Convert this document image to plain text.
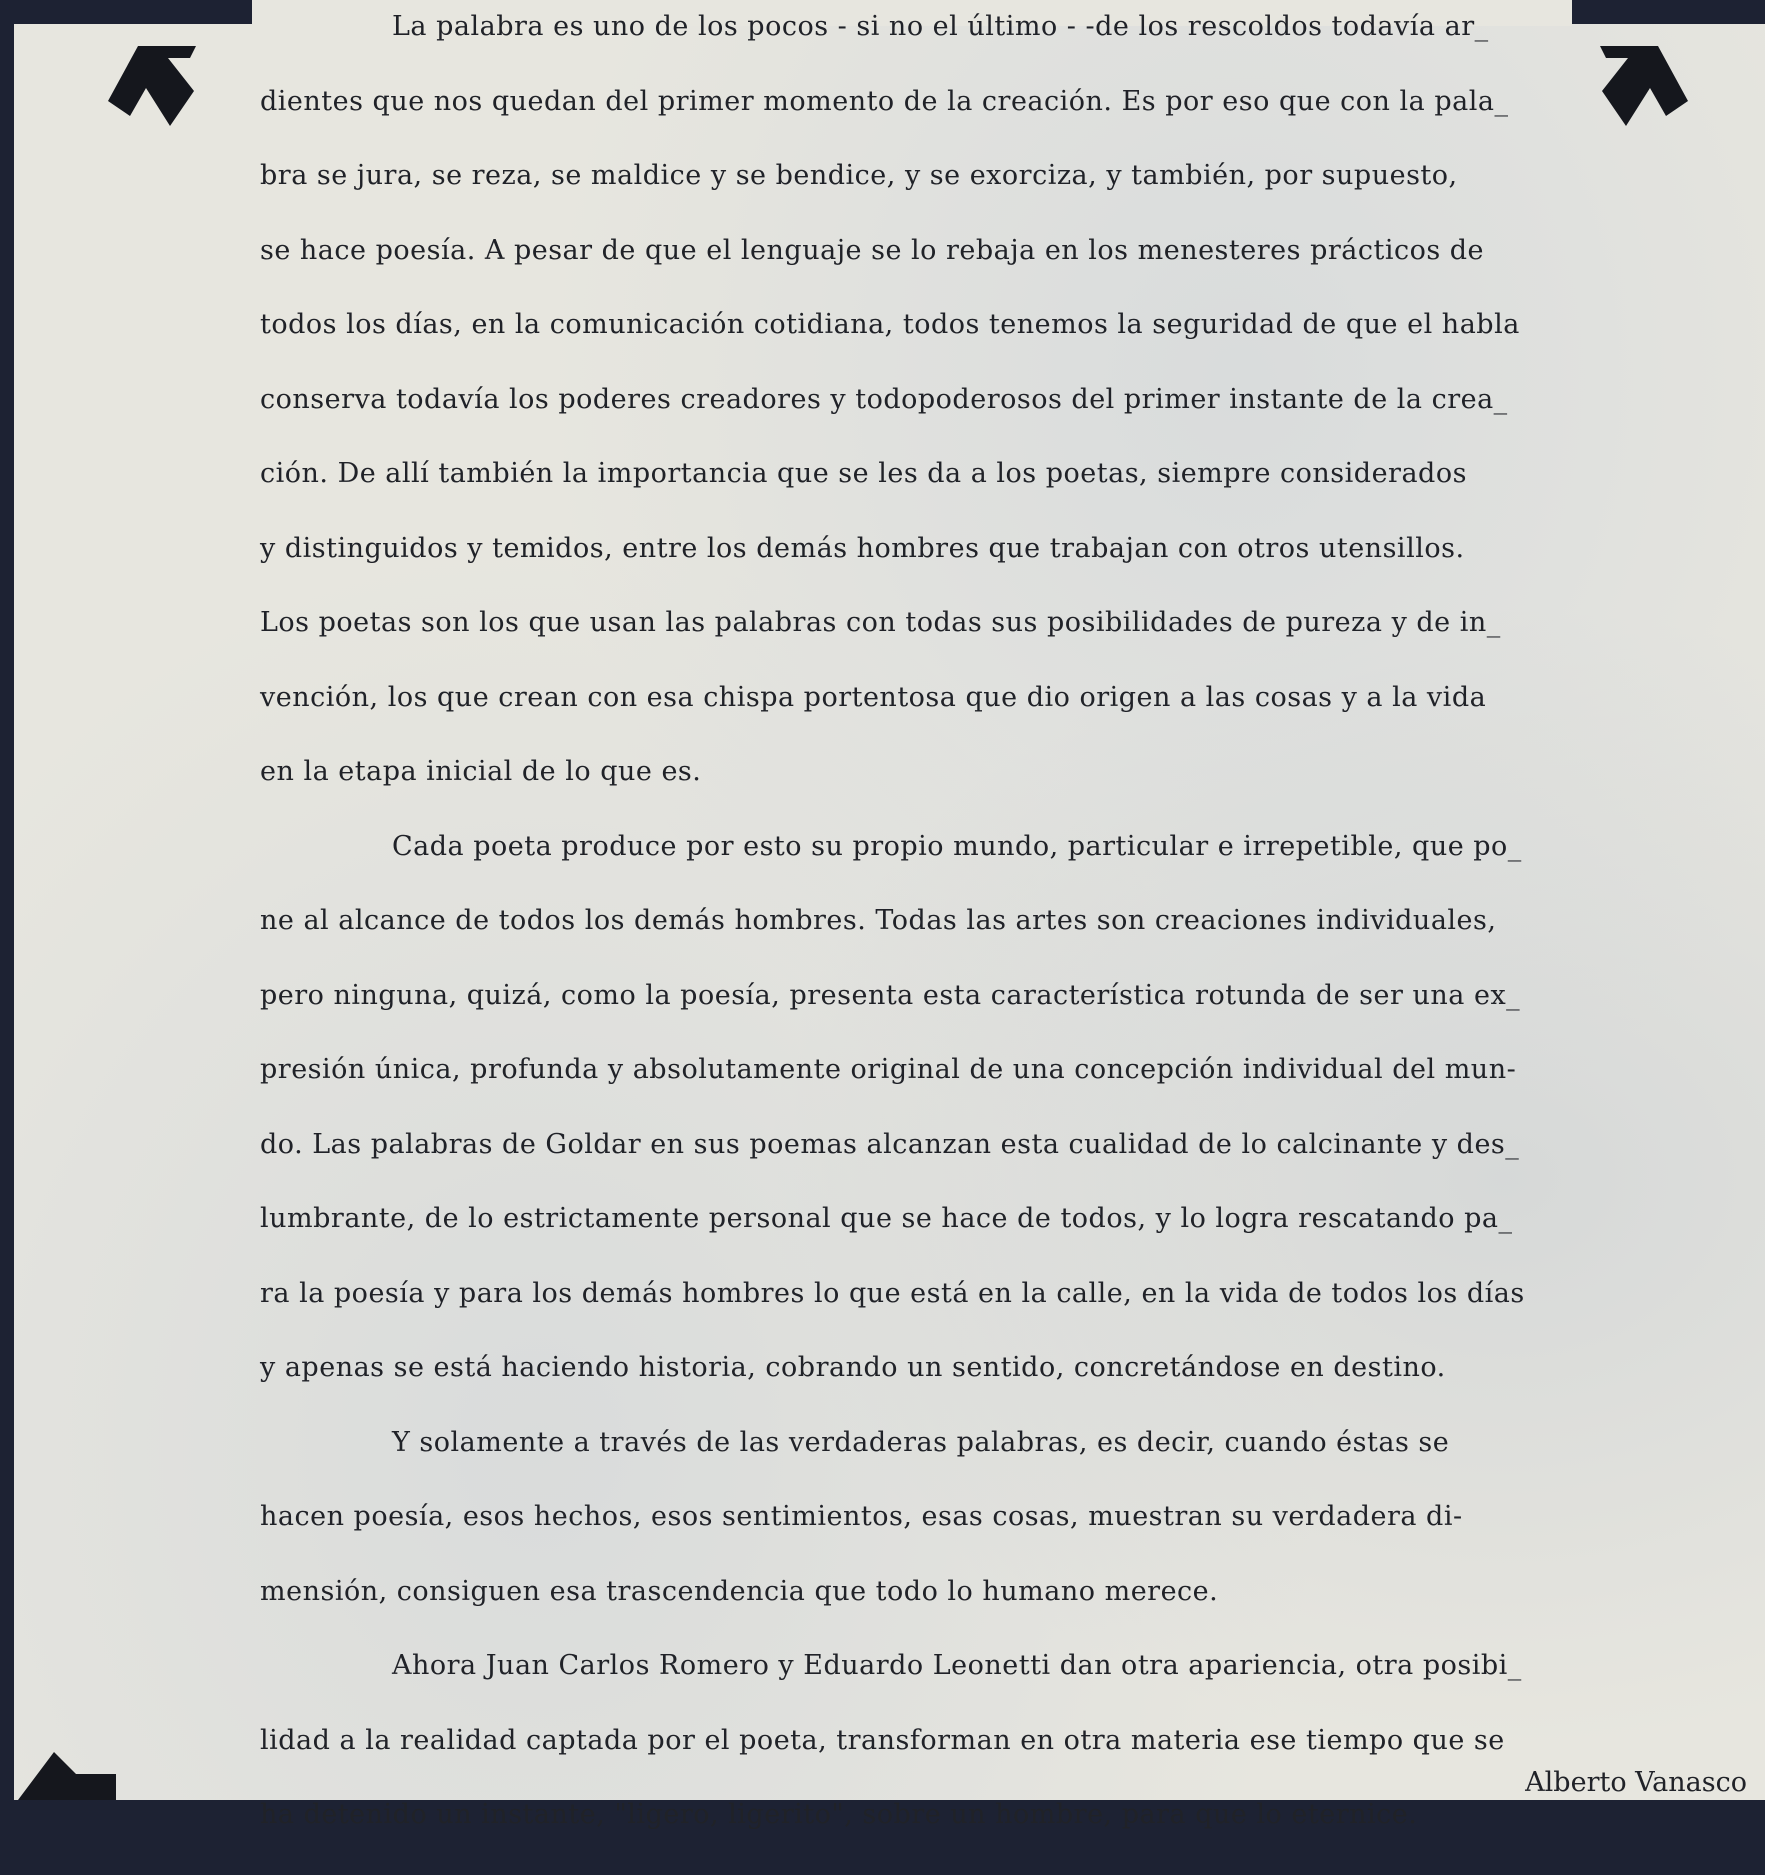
La palabra es uno de los pocos - si no el último - -de los rescoldos todavía ar_
dientes que nos quedan del primer momento de la creación. Es por eso que con la pala_
bra se jura, se reza, se maldice y se bendice, y se exorciza, y también, por supuesto,
se hace poesía. A pesar de que el lenguaje se lo rebaja en los menesteres prácticos de
todos los días, en la comunicación cotidiana, todos tenemos la seguridad de que el habla
conserva todavía los poderes creadores y todopoderosos del primer instante de la crea_
ción. De allí también la importancia que se les da a los poetas, siempre considerados
y distinguidos y temidos, entre los demás hombres que trabajan con otros utensillos.
Los poetas son los que usan las palabras con todas sus posibilidades de pureza y de in_
vención, los que crean con esa chispa portentosa que dio origen a las cosas y a la vida
en la etapa inicial de lo que es.
Cada poeta produce por esto su propio mundo, particular e irrepetible, que po_
ne al alcance de todos los demás hombres. Todas las artes son creaciones individuales,
pero ninguna, quizá, como la poesía, presenta esta característica rotunda de ser una ex_
presión única, profunda y absolutamente original de una concepción individual del mun-
do. Las palabras de Goldar en sus poemas alcanzan esta cualidad de lo calcinante y des_
lumbrante, de lo estrictamente personal que se hace de todos, y lo logra rescatando pa_
ra la poesía y para los demás hombres lo que está en la calle, en la vida de todos los días
y apenas se está haciendo historia, cobrando un sentido, concretándose en destino.
Y solamente a través de las verdaderas palabras, es decir, cuando éstas se
hacen poesía, esos hechos, esos sentimientos, esas cosas, muestran su verdadera di-
mensión, consiguen esa trascendencia que todo lo humano merece.
Ahora Juan Carlos Romero y Eduardo Leonetti dan otra apariencia, otra posibi_
lidad a la realidad captada por el poeta, transforman en otra materia ese tiempo que se
ha detenido un instante, "ligero, ligerito", sobre un hombre, para que lo eternice.
Alberto Vanasco
